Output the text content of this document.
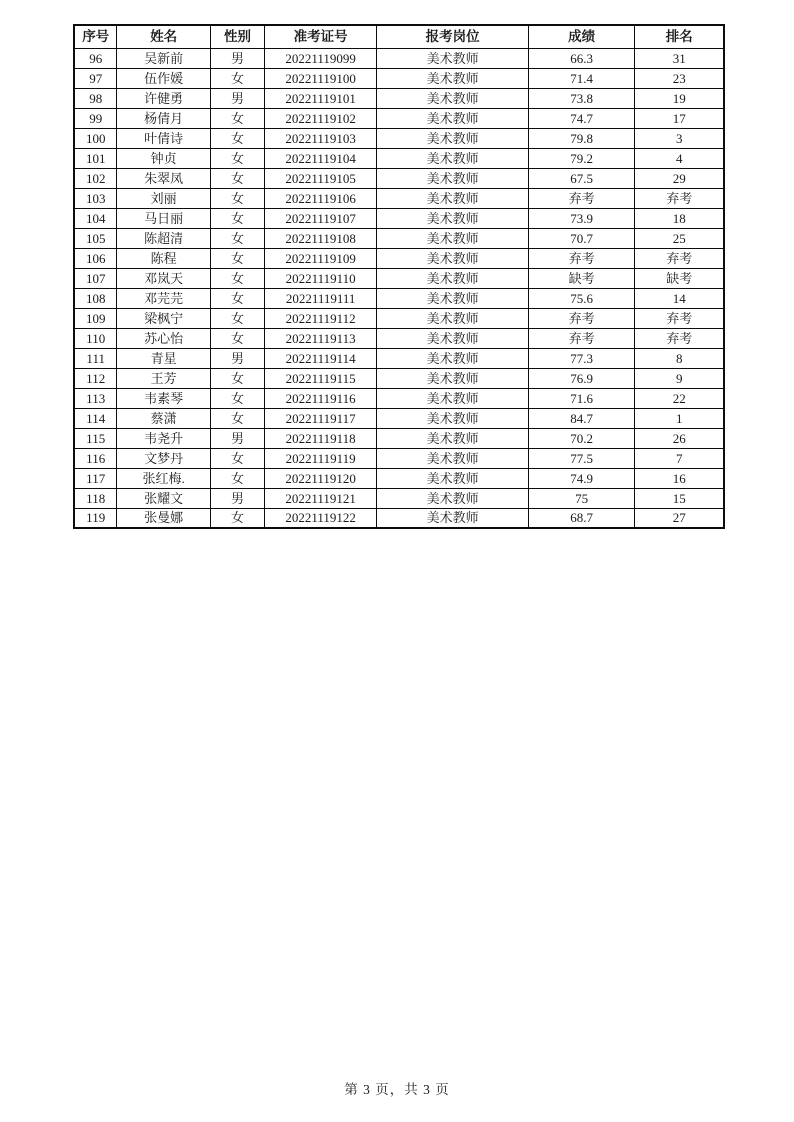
序号	姓名	性别	准考证号	报考岗位	成绩	排名
96	吴新前	男	20221119099	美术教师	66.3	31
97	伍作媛	女	20221119100	美术教师	71.4	23
98	许健勇	男	20221119101	美术教师	73.8	19
99	杨倩月	女	20221119102	美术教师	74.7	17
100	叶倩诗	女	20221119103	美术教师	79.8	3
101	钟贞	女	20221119104	美术教师	79.2	4
102	朱翠凤	女	20221119105	美术教师	67.5	29
103	刘丽	女	20221119106	美术教师	弃考	弃考
104	马日丽	女	20221119107	美术教师	73.9	18
105	陈超清	女	20221119108	美术教师	70.7	25
106	陈程	女	20221119109	美术教师	弃考	弃考
107	邓岚天	女	20221119110	美术教师	缺考	缺考
108	邓芫芫	女	20221119111	美术教师	75.6	14
109	梁枫宁	女	20221119112	美术教师	弃考	弃考
110	苏心怡	女	20221119113	美术教师	弃考	弃考
111	青星	男	20221119114	美术教师	77.3	8
112	王芳	女	20221119115	美术教师	76.9	9
113	韦素琴	女	20221119116	美术教师	71.6	22
114	蔡潇	女	20221119117	美术教师	84.7	1
115	韦尧升	男	20221119118	美术教师	70.2	26
116	文梦丹	女	20221119119	美术教师	77.5	7
117	张红梅.	女	20221119120	美术教师	74.9	16
118	张耀文	男	20221119121	美术教师	75	15
119	张曼娜	女	20221119122	美术教师	68.7	27
第 3 页，共 3 页
